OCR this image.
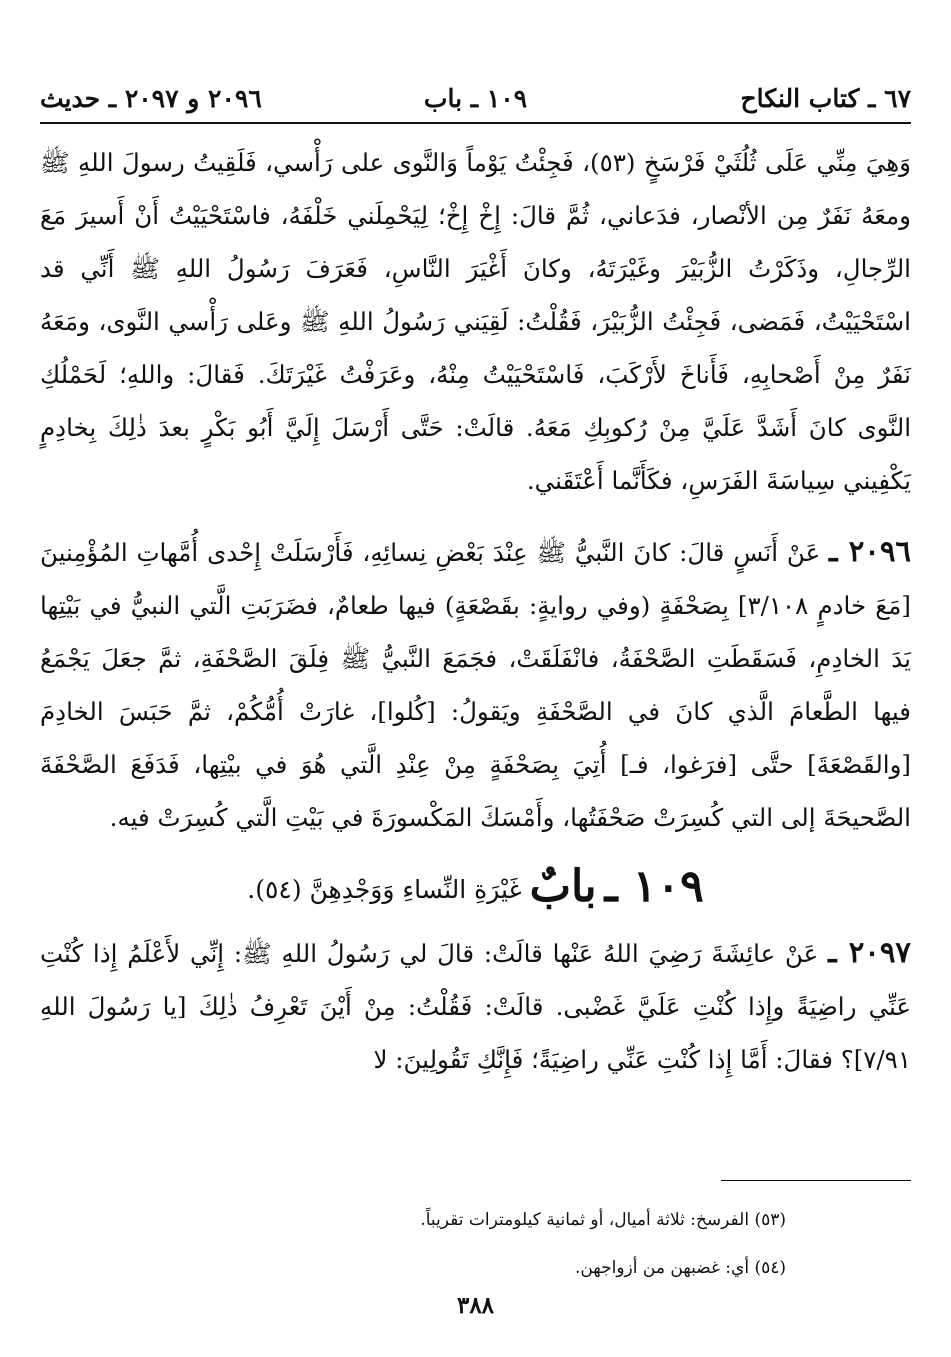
٦٧ ـ كتاب النكاح
١٠٩ ـ باب
٢٠٩٦ و ٢٠٩٧ ـ حديث

وَهِيَ مِنِّي عَلَى ثُلُثَيْ فَرْسَخٍ (٥٣)، فَجِئْتُ يَوْماً وَالنَّوى على رَأْسي، فَلَقِيتُ رسولَ اللهِ ﷺ ومعَهُ نَفَرٌ مِن الأنْصار، فدَعاني، ثُمَّ قالَ: إِخْ إِخْ؛ لِيَحْمِلَني خَلْفَهُ، فاسْتَحْيَيْتُ أَنْ أَسيرَ مَعَ الرِّجالِ، وذَكَرْتُ الزُّبَيْرَ وغَيْرَتَهُ، وكانَ أَغْيَرَ النَّاسِ، فَعَرَفَ رَسُولُ اللهِ ﷺ أَنِّي قد اسْتَحْيَيْتُ، فَمَضى، فَجِئْتُ الزُّبَيْرَ، فَقُلْتُ: لَقِيَني رَسُولُ اللهِ ﷺ وعَلى رَأْسي النَّوى، ومَعَهُ نَفَرٌ مِنْ أَصْحابِهِ، فَأَناخَ لأَرْكَبَ، فَاسْتَحْيَيْتُ مِنْهُ، وعَرَفْتُ غَيْرَتَكَ. فَقالَ: واللهِ؛ لَحَمْلُكِ النَّوى كانَ أَشَدَّ عَلَيَّ مِنْ رُكوبِكِ مَعَهُ. قالَتْ: حَتَّى أَرْسَلَ إِلَيَّ أَبُو بَكْرٍ بعدَ ذٰلِكَ بِخادِمٍ يَكْفِيني سِياسَةَ الفَرَسِ، فكَأَنَّما أَعْتَقَني.

٢٠٩٦ ـ عَنْ أَنَسٍ قالَ: كانَ النَّبيُّ ﷺ عِنْدَ بَعْضِ نِسائِهِ، فَأَرْسَلَتْ إِحْدى أُمَّهاتِ المُؤْمِنينَ [مَعَ خادمٍ ٣/١٠٨] بِصَحْفَةٍ (وفي روايةٍ: بقَصْعَةٍ) فيها طعامٌ، فضَرَبَتِ الَّتي النبيُّ في بَيْتِها يَدَ الخادِمِ، فَسَقَطَتِ الصَّحْفَةُ، فانْفَلَقَتْ، فجَمَعَ النَّبيُّ ﷺ فِلَقَ الصَّحْفَةِ، ثمَّ جعَلَ يَجْمَعُ فيها الطَّعامَ الَّذي كانَ في الصَّحْفَةِ ويَقولُ: [كُلوا]، غارَتْ أُمُّكُمْ، ثمَّ حَبَسَ الخادِمَ [والقَصْعَةَ] حتَّى [فرَغوا، فـ] أُتِيَ بِصَحْفَةٍ مِنْ عِنْدِ الَّتي هُوَ في بيْتِها، فَدَفَعَ الصَّحْفَةَ الصَّحيحَةَ إلى التي كُسِرَتْ صَحْفَتُها، وأَمْسَكَ المَكْسورَةَ في بَيْتِ الَّتي كُسِرَتْ فيه.

١٠٩ ـ بابٌ غَيْرَةِ النِّساءِ وَوَجْدِهِنَّ (٥٤).

٢٠٩٧ ـ عَنْ عائِشَةَ رَضِيَ اللهُ عَنْها قالَتْ: قالَ لي رَسُولُ اللهِ ﷺ: إِنِّي لأَعْلَمُ إِذا كُنْتِ عَنِّي راضِيَةً وإِذا كُنْتِ عَلَيَّ غَضْبى. قالَتْ: فَقُلْتُ: مِنْ أَيْنَ تَعْرِفُ ذٰلِكَ [يا رَسُولَ اللهِ ٧/٩١]؟ فقالَ: أَمَّا إِذا كُنْتِ عَنِّي راضِيَةً؛ فَإِنَّكِ تَقُولِينَ: لا

(٥٣) الفرسخ: ثلاثة أميال، أو ثمانية كيلومترات تقريباً.

(٥٤) أي: غضبهن من أزواجهن.

٣٨٨
